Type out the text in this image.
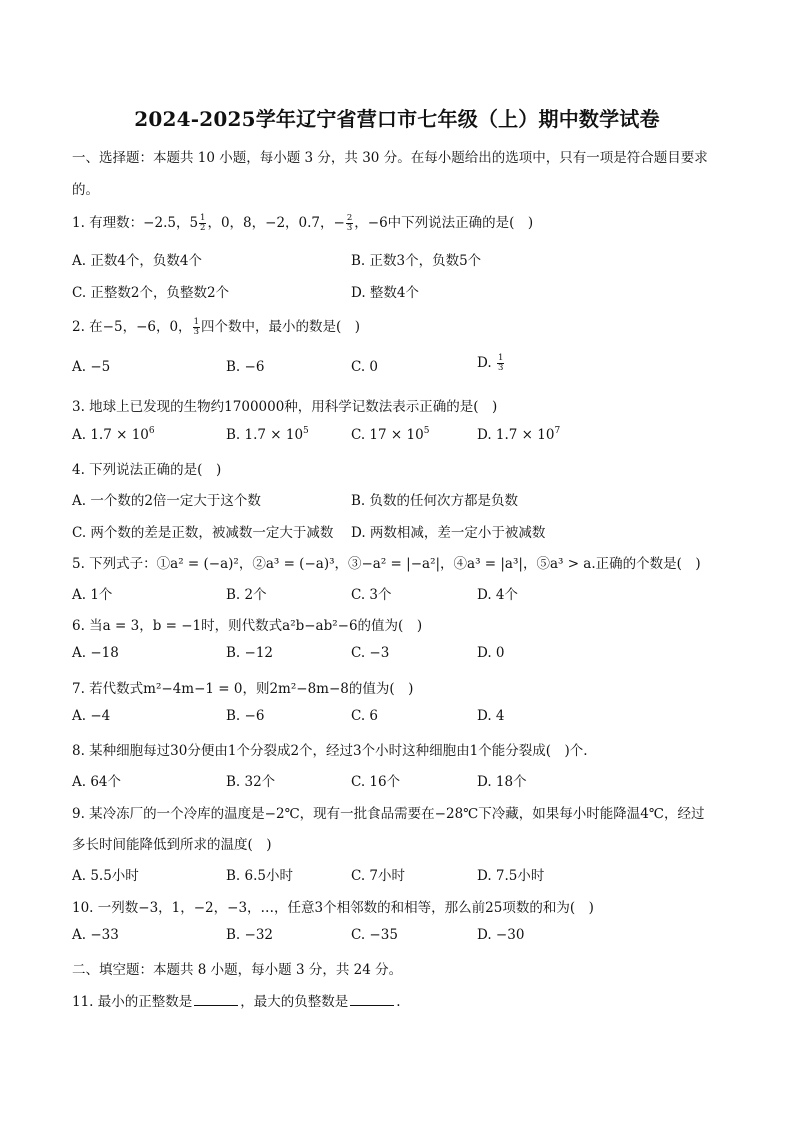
2024-2025学年辽宁省营口市七年级（上）期中数学试卷
一、选择题：本题共 10 小题，每小题 3 分，共 30 分。在每小题给出的选项中，只有一项是符合题目要求
的。
1. 有理数：−2.5，$5 \frac{1}{2}$ ，0，8，−2，0.7，− $\frac{2}{3}$ ，−6中下列说法正确的是(　)
A. 正数4个，负数4个	B. 正数3个，负数5个
C. 正整数2个，负整数2个	D. 整数4个
2. 在−5，−6，0， $\frac{1}{3}$ 四个数中，最小的数是(　)
A. −5	B. −6	C. 0	D. $\frac{1}{3}$
3. 地球上已发现的生物约1700000种，用科学记数法表示正确的是(　)
A. $1.7 \times 10^6$	B. $1.7 \times 10^5$	C. $17 \times 10^5$	D. $1.7 \times 10^7$
4. 下列说法正确的是(　)
A. 一个数的2倍一定大于这个数	B. 负数的任何次方都是负数
C. 两个数的差是正数，被减数一定大于减数 D. 两数相减，差一定小于被减数
5. 下列式子：①a² = (−a)²，②a³ = (−a)³，③−a² = |−a²|，④a³ = |a³|，⑤a³ > a.正确的个数是(　)
A. 1个	B. 2个	C. 3个	D. 4个
6. 当a = 3，b = −1时，则代数式a²b−ab²−6的值为(　)
A. −18	B. −12	C. −3	D. 0
7. 若代数式m²−4m−1 = 0，则2m²−8m−8的值为(　)
A. −4	B. −6	C. 6	D. 4
8. 某种细胞每过30分便由1个分裂成2个，经过3个小时这种细胞由1个能分裂成(　)个.
A. 64个	B. 32个	C. 16个	D. 18个
9. 某冷冻厂的一个冷库的温度是−2℃，现有一批食品需要在−28℃下冷藏，如果每小时能降温4℃，经过
多长时间能降低到所求的温度(　)
A. 5.5小时	B. 6.5小时	C. 7小时	D. 7.5小时
10. 一列数−3，1，−2，−3，…，任意3个相邻数的和相等，那么前25项数的和为(　)
A. −33	B. −32	C. −35	D. −30
二、填空题：本题共 8 小题，每小题 3 分，共 24 分。
11. 最小的正整数是	，最大的负整数是	.
